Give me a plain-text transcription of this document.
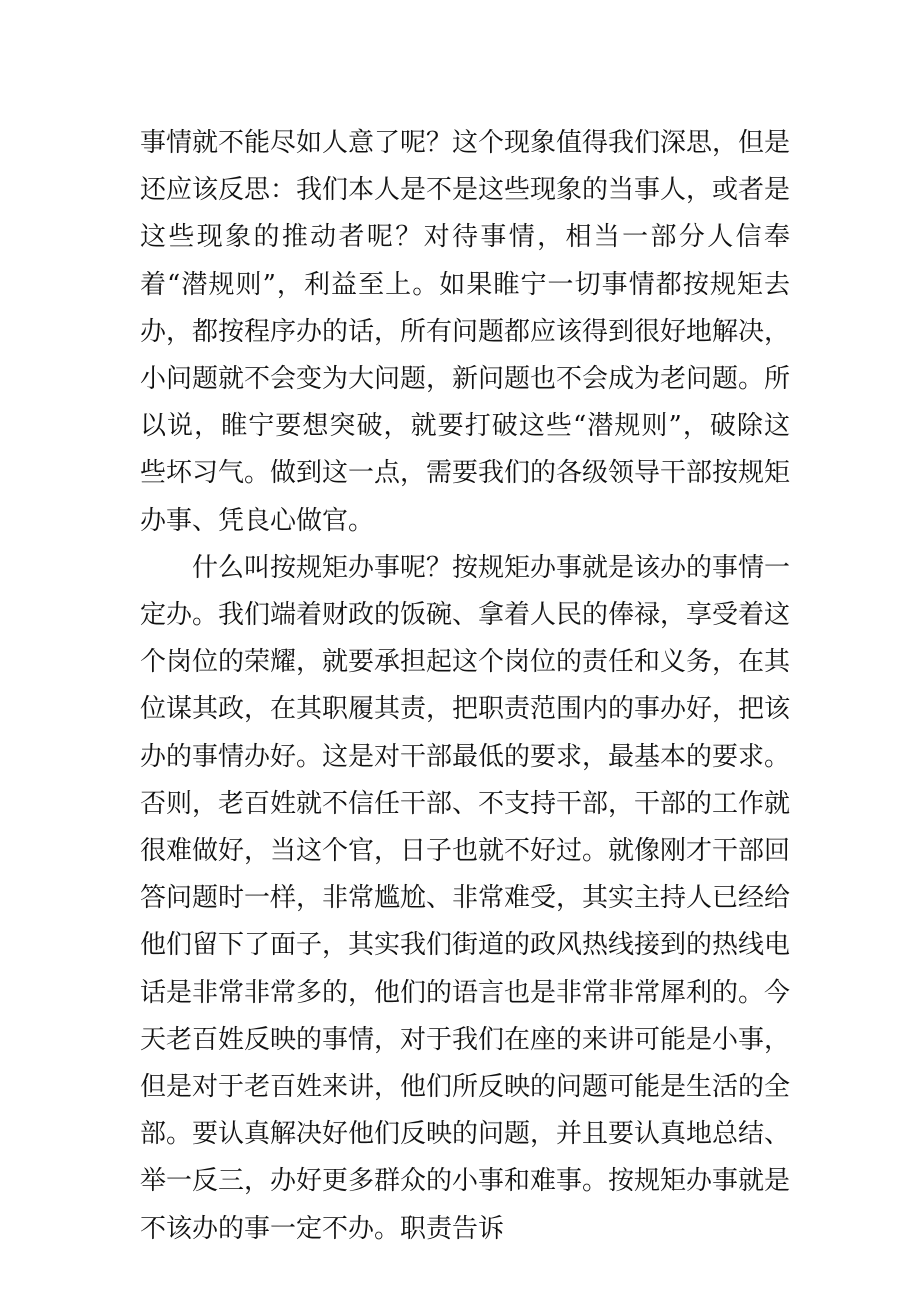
事情就不能尽如人意了呢？这个现象值得我们深思，但是还应该反思：我们本人是不是这些现象的当事人，或者是这些现象的推动者呢？对待事情，相当一部分人信奉着“潜规则”，利益至上。如果睢宁一切事情都按规矩去办，都按程序办的话，所有问题都应该得到很好地解决，小问题就不会变为大问题，新问题也不会成为老问题。所以说，睢宁要想突破，就要打破这些“潜规则”，破除这些坏习气。做到这一点，需要我们的各级领导干部按规矩办事、凭良心做官。

什么叫按规矩办事呢？按规矩办事就是该办的事情一定办。我们端着财政的饭碗、拿着人民的俸禄，享受着这个岗位的荣耀，就要承担起这个岗位的责任和义务，在其位谋其政，在其职履其责，把职责范围内的事办好，把该办的事情办好。这是对干部最低的要求，最基本的要求。否则，老百姓就不信任干部、不支持干部，干部的工作就很难做好，当这个官，日子也就不好过。就像刚才干部回答问题时一样，非常尴尬、非常难受，其实主持人已经给他们留下了面子，其实我们街道的政风热线接到的热线电话是非常非常多的，他们的语言也是非常非常犀利的。今天老百姓反映的事情，对于我们在座的来讲可能是小事，但是对于老百姓来讲，他们所反映的问题可能是生活的全部。要认真解决好他们反映的问题，并且要认真地总结、举一反三，办好更多群众的小事和难事。按规矩办事就是不该办的事一定不办。职责告诉
